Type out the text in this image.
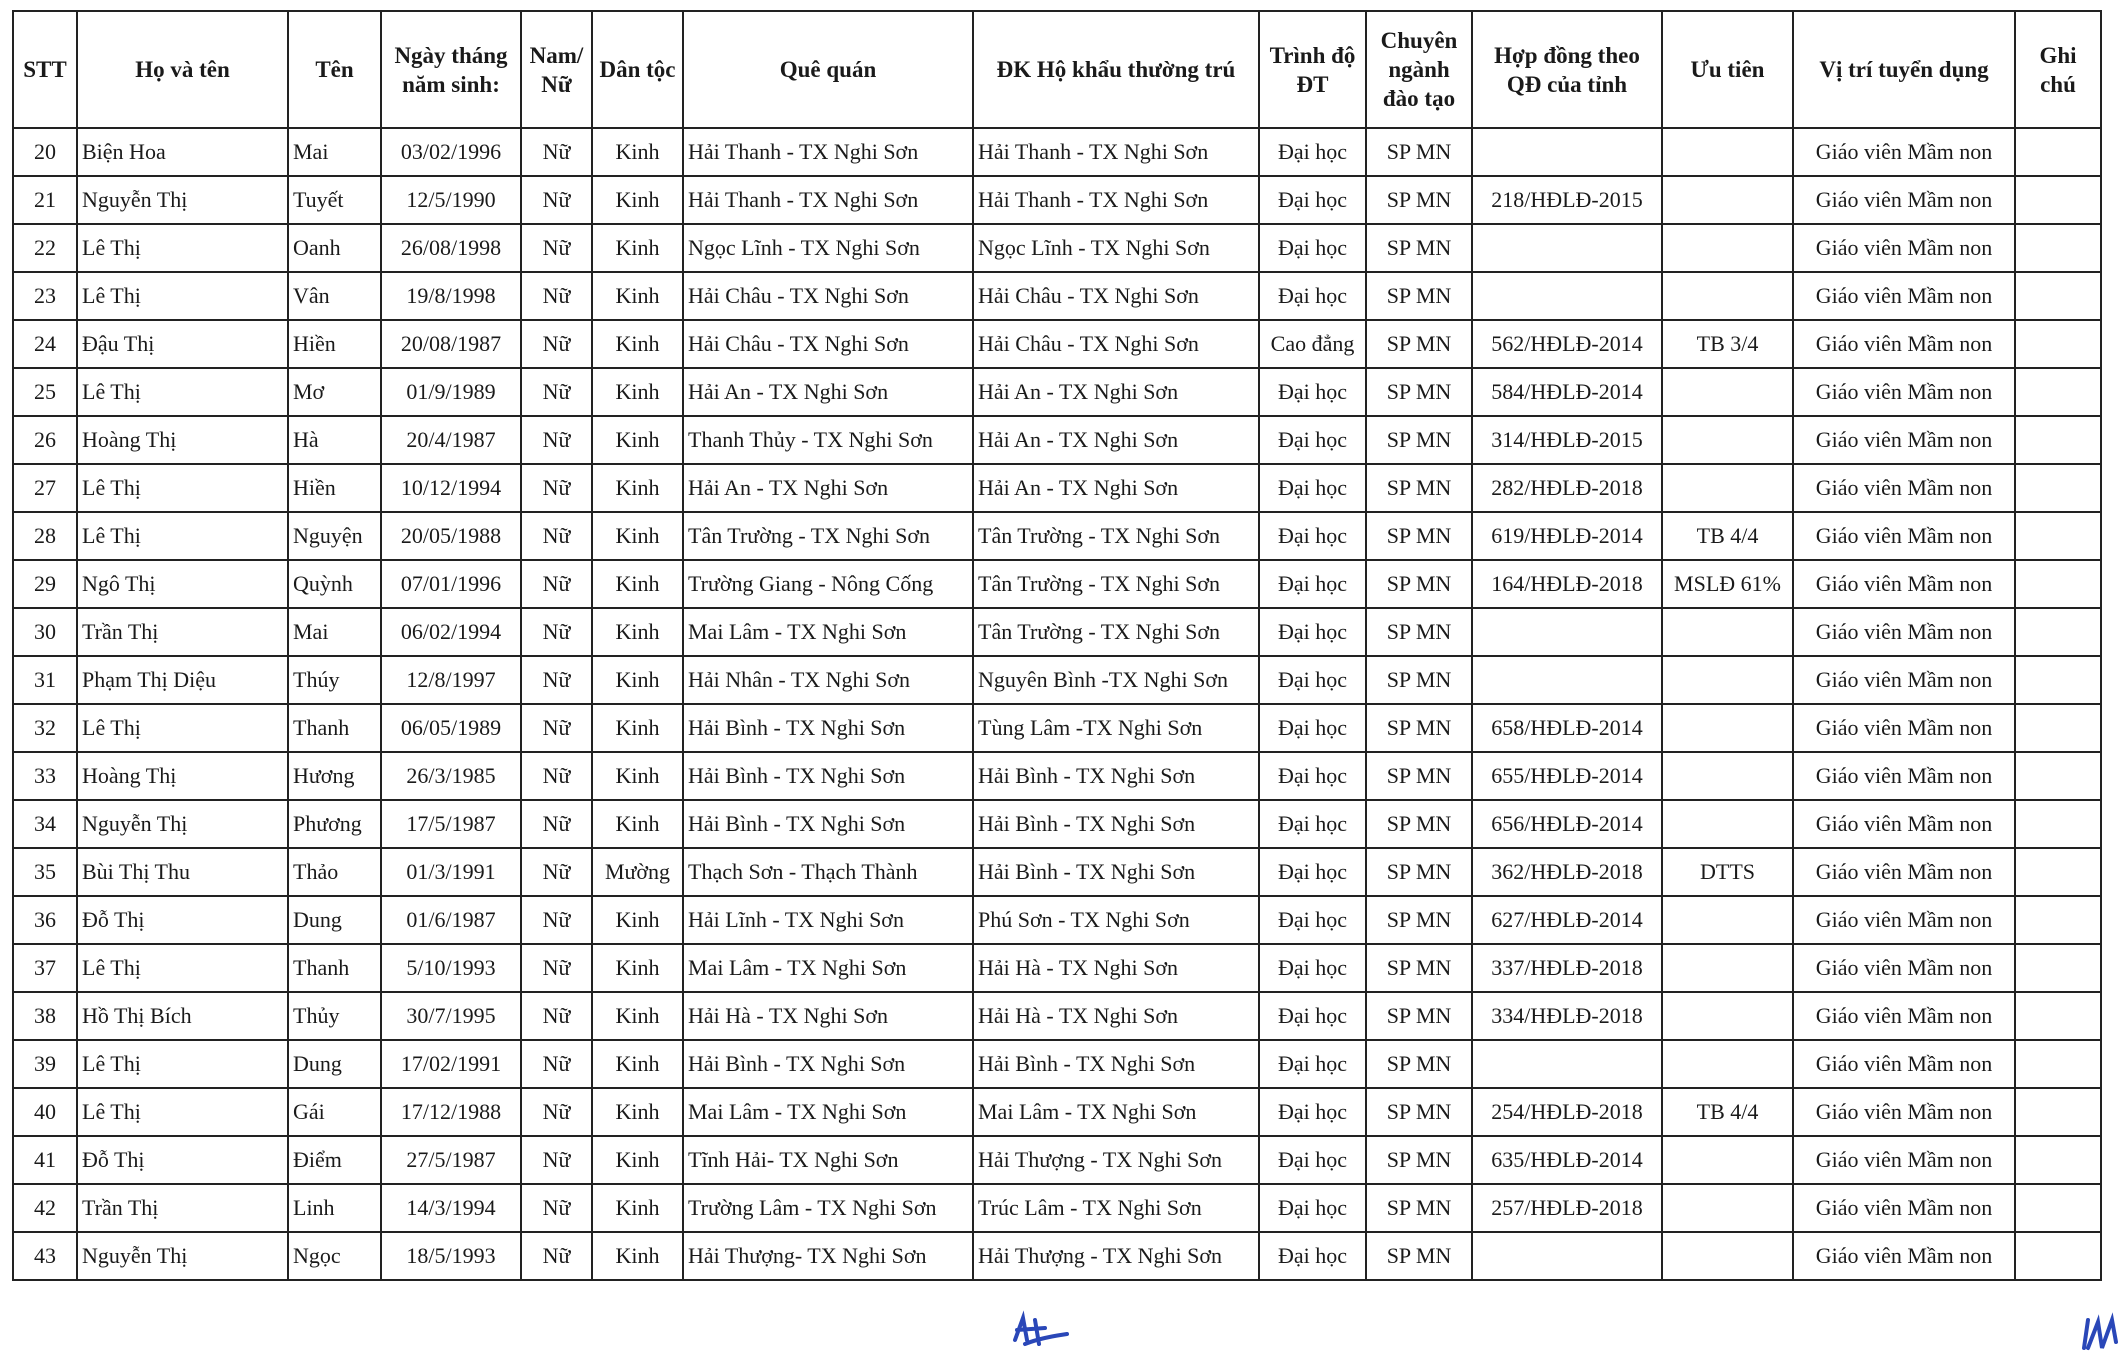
STT	Họ và tên	Tên	Ngày tháng năm sinh:	Nam/ Nữ	Dân tộc	Quê quán	ĐK Hộ khẩu thường trú	Trình độ ĐT	Chuyên ngành đào tạo	Hợp đồng theo QĐ của tỉnh	Ưu tiên	Vị trí tuyển dụng	Ghi chú
20	Biện Hoa	Mai	03/02/1996	Nữ	Kinh	Hải Thanh - TX Nghi Sơn	Hải Thanh - TX Nghi Sơn	Đại học	SP MN			Giáo viên Mầm non	
21	Nguyễn Thị	Tuyết	12/5/1990	Nữ	Kinh	Hải Thanh - TX Nghi Sơn	Hải Thanh - TX Nghi Sơn	Đại học	SP MN	218/HĐLĐ-2015		Giáo viên Mầm non	
22	Lê Thị	Oanh	26/08/1998	Nữ	Kinh	Ngọc Lĩnh - TX Nghi Sơn	Ngọc Lĩnh - TX Nghi Sơn	Đại học	SP MN			Giáo viên Mầm non	
23	Lê Thị	Vân	19/8/1998	Nữ	Kinh	Hải Châu - TX Nghi Sơn	Hải Châu - TX Nghi Sơn	Đại học	SP MN			Giáo viên Mầm non	
24	Đậu Thị	Hiền	20/08/1987	Nữ	Kinh	Hải Châu - TX Nghi Sơn	Hải Châu - TX Nghi Sơn	Cao đẳng	SP MN	562/HĐLĐ-2014	TB 3/4	Giáo viên Mầm non	
25	Lê Thị	Mơ	01/9/1989	Nữ	Kinh	Hải An - TX Nghi Sơn	Hải An - TX Nghi Sơn	Đại học	SP MN	584/HĐLĐ-2014		Giáo viên Mầm non	
26	Hoàng Thị	Hà	20/4/1987	Nữ	Kinh	Thanh Thủy - TX Nghi Sơn	Hải An - TX Nghi Sơn	Đại học	SP MN	314/HĐLĐ-2015		Giáo viên Mầm non	
27	Lê Thị	Hiền	10/12/1994	Nữ	Kinh	Hải An - TX Nghi Sơn	Hải An - TX Nghi Sơn	Đại học	SP MN	282/HĐLĐ-2018		Giáo viên Mầm non	
28	Lê Thị	Nguyện	20/05/1988	Nữ	Kinh	Tân Trường - TX Nghi Sơn	Tân Trường - TX Nghi Sơn	Đại học	SP MN	619/HĐLĐ-2014	TB 4/4	Giáo viên Mầm non	
29	Ngô Thị	Quỳnh	07/01/1996	Nữ	Kinh	Trường Giang - Nông Cống	Tân Trường - TX Nghi Sơn	Đại học	SP MN	164/HĐLĐ-2018	MSLĐ 61%	Giáo viên Mầm non	
30	Trần Thị	Mai	06/02/1994	Nữ	Kinh	Mai Lâm - TX Nghi Sơn	Tân Trường - TX Nghi Sơn	Đại học	SP MN			Giáo viên Mầm non	
31	Phạm Thị Diệu	Thúy	12/8/1997	Nữ	Kinh	Hải Nhân - TX Nghi Sơn	Nguyên Bình -TX Nghi Sơn	Đại học	SP MN			Giáo viên Mầm non	
32	Lê Thị	Thanh	06/05/1989	Nữ	Kinh	Hải Bình - TX Nghi Sơn	Tùng Lâm -TX Nghi Sơn	Đại học	SP MN	658/HĐLĐ-2014		Giáo viên Mầm non	
33	Hoàng Thị	Hương	26/3/1985	Nữ	Kinh	Hải Bình - TX Nghi Sơn	Hải Bình - TX Nghi Sơn	Đại học	SP MN	655/HĐLĐ-2014		Giáo viên Mầm non	
34	Nguyễn Thị	Phương	17/5/1987	Nữ	Kinh	Hải Bình - TX Nghi Sơn	Hải Bình - TX Nghi Sơn	Đại học	SP MN	656/HĐLĐ-2014		Giáo viên Mầm non	
35	Bùi Thị Thu	Thảo	01/3/1991	Nữ	Mường	Thạch Sơn - Thạch Thành	Hải Bình - TX Nghi Sơn	Đại học	SP MN	362/HĐLĐ-2018	DTTS	Giáo viên Mầm non	
36	Đỗ Thị	Dung	01/6/1987	Nữ	Kinh	Hải Lĩnh - TX Nghi Sơn	Phú Sơn - TX Nghi Sơn	Đại học	SP MN	627/HĐLĐ-2014		Giáo viên Mầm non	
37	Lê Thị	Thanh	5/10/1993	Nữ	Kinh	Mai Lâm - TX Nghi Sơn	Hải Hà - TX Nghi Sơn	Đại học	SP MN	337/HĐLĐ-2018		Giáo viên Mầm non	
38	Hồ Thị Bích	Thủy	30/7/1995	Nữ	Kinh	Hải Hà - TX Nghi Sơn	Hải Hà - TX Nghi Sơn	Đại học	SP MN	334/HĐLĐ-2018		Giáo viên Mầm non	
39	Lê Thị	Dung	17/02/1991	Nữ	Kinh	Hải Bình - TX Nghi Sơn	Hải Bình - TX Nghi Sơn	Đại học	SP MN			Giáo viên Mầm non	
40	Lê Thị	Gái	17/12/1988	Nữ	Kinh	Mai Lâm - TX Nghi Sơn	Mai Lâm - TX Nghi Sơn	Đại học	SP MN	254/HĐLĐ-2018	TB 4/4	Giáo viên Mầm non	
41	Đỗ Thị	Điểm	27/5/1987	Nữ	Kinh	Tĩnh Hải- TX Nghi Sơn	Hải Thượng - TX Nghi Sơn	Đại học	SP MN	635/HĐLĐ-2014		Giáo viên Mầm non	
42	Trần Thị	Linh	14/3/1994	Nữ	Kinh	Trường Lâm - TX Nghi Sơn	Trúc Lâm - TX Nghi Sơn	Đại học	SP MN	257/HĐLĐ-2018		Giáo viên Mầm non	
43	Nguyễn Thị	Ngọc	18/5/1993	Nữ	Kinh	Hải Thượng- TX Nghi Sơn	Hải Thượng - TX Nghi Sơn	Đại học	SP MN			Giáo viên Mầm non	
